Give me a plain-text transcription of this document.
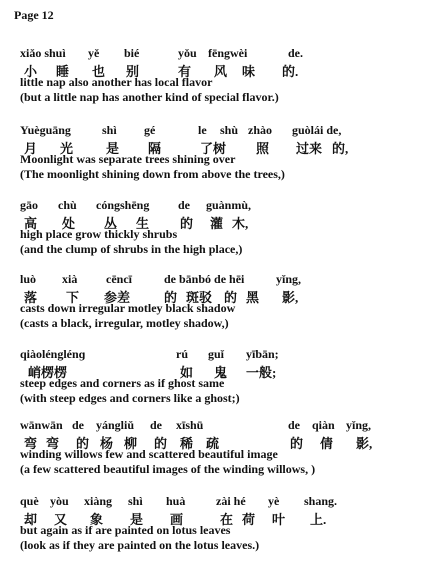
Page 12
xiǎo shuì yě bié	yǒu fēngwèi	de.
小 睡 也 别	有 风 味 的.
little nap also another has local flavor
(but a little nap has another kind of special flavor.)
Yuèguāng	shì gé	le shù zhào guòlái de,
月 光	是 隔	了树 照 过来 的,
Moonlight was separate trees shining over
(The moonlight shining down from above the trees,)
gāo chù cóngshēng de guànmù,
高 处 丛 生 的 灌 木,
high place grow thickly shrubs
(and the clump of shrubs in the high place,)
luò xià cēncī	de bānbó de hēi	yǐng,
落 下 参差	的 斑驳 的 黑 影,
casts down irregular motley black shadow
(casts a black, irregular, motley shadow,)
qiàolénglénɡ	rú guǐ yībān;
峭楞楞	如 鬼 一般;
steep edges and corners as if ghost same
(with steep edges and corners like a ghost;)
wānwān de yángliǔ de xīshū	de qiàn yǐng,
弯 弯 的 杨 柳 的 稀 疏	的 倩 影,
winding willows few and scattered beautiful image
(a few scattered beautiful images of the winding willows, )
què yòu xiàng shì huà	zài hé yè shang.
却 又 象 是 画	在 荷 叶 上.
but again as if are painted on lotus leaves
(look as if they are painted on the lotus leaves.)
